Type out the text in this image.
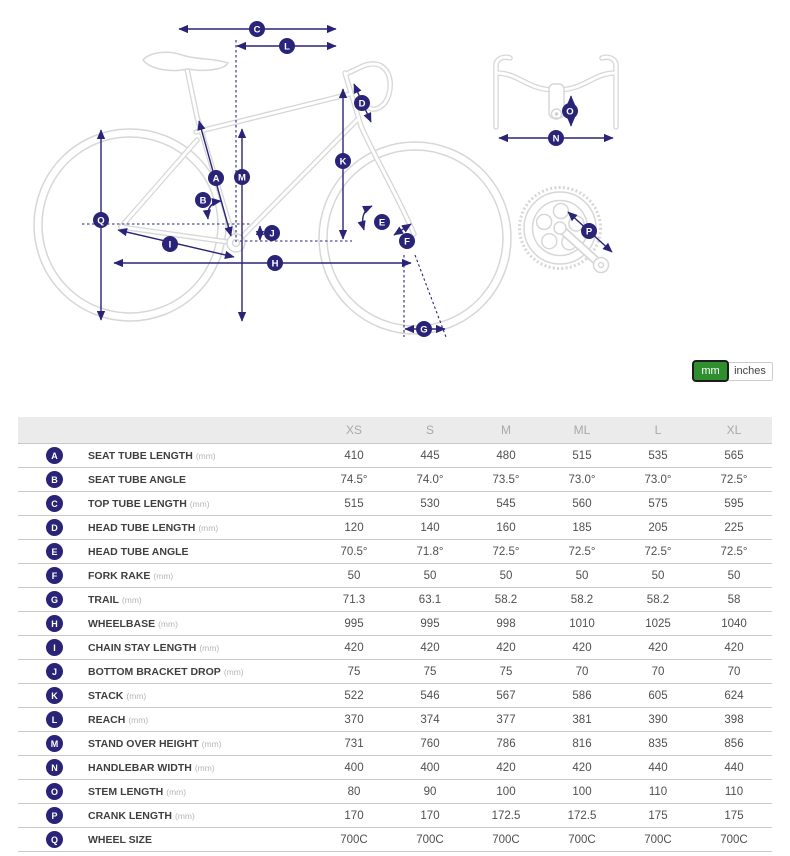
A
B
C
D
E
F
G
H
I
J
K
L
M
N
O
P
Q
mm	inches
XS	S	M	ML	L	XL
A	SEAT TUBE LENGTH (mm)	410	445	480	515	535	565
B	SEAT TUBE ANGLE	74.5°	74.0°	73.5°	73.0°	73.0°	72.5°
C	TOP TUBE LENGTH (mm)	515	530	545	560	575	595
D	HEAD TUBE LENGTH (mm)	120	140	160	185	205	225
E	HEAD TUBE ANGLE	70.5°	71.8°	72.5°	72.5°	72.5°	72.5°
F	FORK RAKE (mm)	50	50	50	50	50	50
G	TRAIL (mm)	71.3	63.1	58.2	58.2	58.2	58
H	WHEELBASE (mm)	995	995	998	1010	1025	1040
I	CHAIN STAY LENGTH (mm)	420	420	420	420	420	420
J	BOTTOM BRACKET DROP (mm)	75	75	75	70	70	70
K	STACK (mm)	522	546	567	586	605	624
L	REACH (mm)	370	374	377	381	390	398
M	STAND OVER HEIGHT (mm)	731	760	786	816	835	856
N	HANDLEBAR WIDTH (mm)	400	400	420	420	440	440
O	STEM LENGTH (mm)	80	90	100	100	110	110
P	CRANK LENGTH (mm)	170	170	172.5	172.5	175	175
Q	WHEEL SIZE	700C	700C	700C	700C	700C	700C
